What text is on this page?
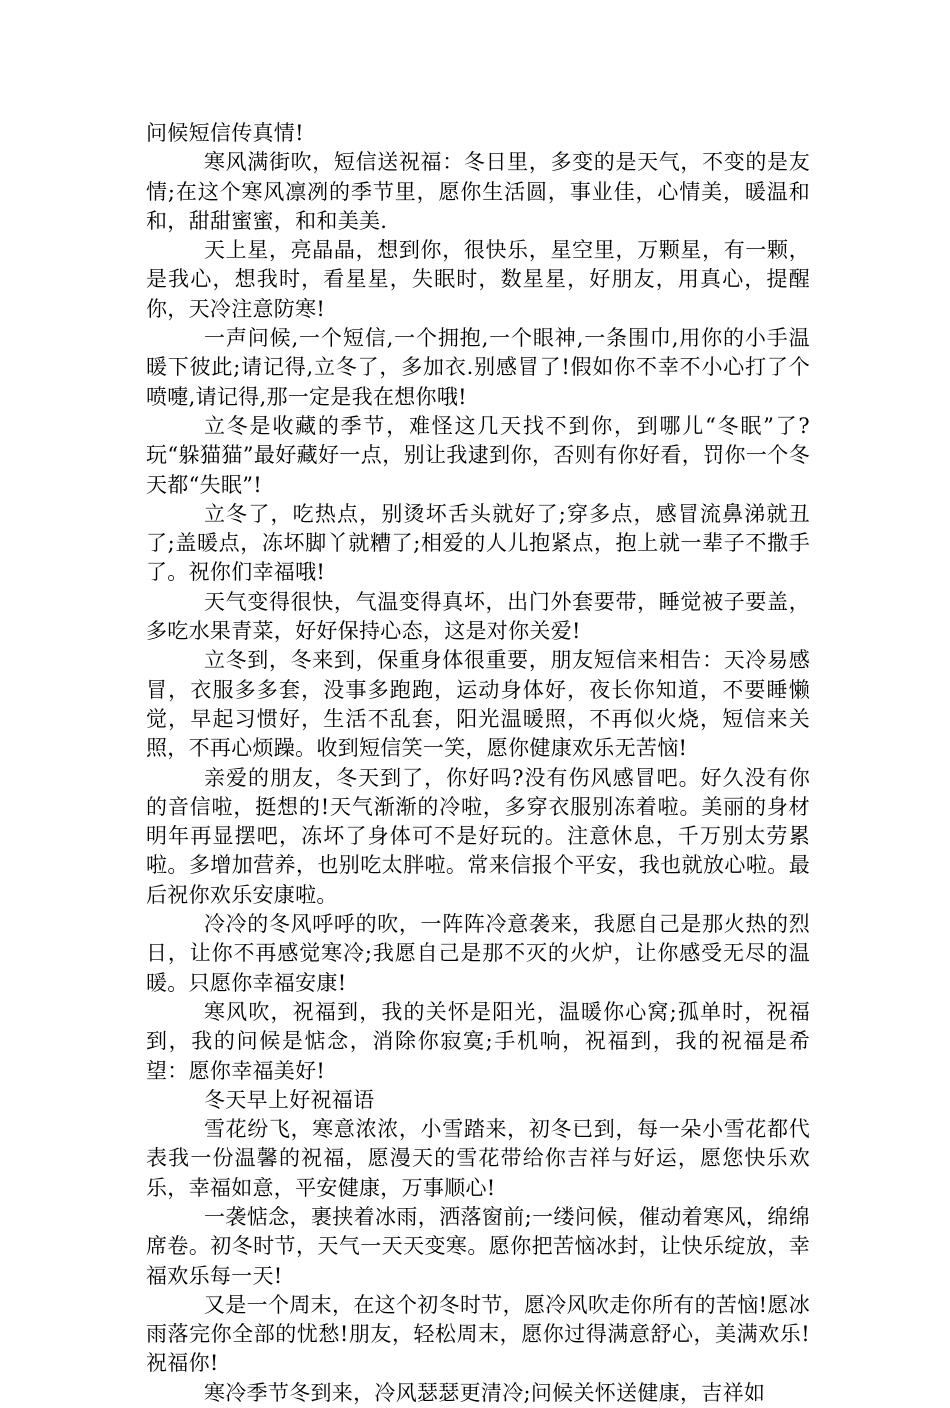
问候短信传真情!

寒风满街吹，短信送祝福：冬日里，多变的是天气，不变的是友情;在这个寒风凛冽的季节里，愿你生活圆，事业佳，心情美，暖温和和，甜甜蜜蜜，和和美美.

天上星，亮晶晶，想到你，很快乐，星空里，万颗星，有一颗，是我心，想我时，看星星，失眠时，数星星，好朋友，用真心，提醒你，天冷注意防寒!

一声问候,一个短信,一个拥抱,一个眼神,一条围巾,用你的小手温暖下彼此;请记得,立冬了，多加衣.别感冒了!假如你不幸不小心打了个喷嚏,请记得,那一定是我在想你哦!

立冬是收藏的季节，难怪这几天找不到你，到哪儿“冬眠”了?玩“躲猫猫”最好藏好一点，别让我逮到你，否则有你好看，罚你一个冬天都“失眠”!

立冬了，吃热点，别烫坏舌头就好了;穿多点，感冒流鼻涕就丑了;盖暖点，冻坏脚丫就糟了;相爱的人儿抱紧点，抱上就一辈子不撒手了。祝你们幸福哦!

天气变得很快，气温变得真坏，出门外套要带，睡觉被子要盖，多吃水果青菜，好好保持心态，这是对你关爱!

立冬到，冬来到，保重身体很重要，朋友短信来相告：天冷易感冒，衣服多多套，没事多跑跑，运动身体好，夜长你知道，不要睡懒觉，早起习惯好，生活不乱套，阳光温暖照，不再似火烧，短信来关照，不再心烦躁。收到短信笑一笑，愿你健康欢乐无苦恼!

亲爱的朋友，冬天到了，你好吗?没有伤风感冒吧。好久没有你的音信啦，挺想的!天气渐渐的冷啦，多穿衣服别冻着啦。美丽的身材明年再显摆吧，冻坏了身体可不是好玩的。注意休息，千万别太劳累啦。多增加营养，也别吃太胖啦。常来信报个平安，我也就放心啦。最后祝你欢乐安康啦。

冷冷的冬风呼呼的吹，一阵阵冷意袭来，我愿自己是那火热的烈日，让你不再感觉寒冷;我愿自己是那不灭的火炉，让你感受无尽的温暖。只愿你幸福安康!

寒风吹，祝福到，我的关怀是阳光，温暖你心窝;孤单时，祝福到，我的问候是惦念，消除你寂寞;手机响，祝福到，我的祝福是希望：愿你幸福美好!

冬天早上好祝福语

雪花纷飞，寒意浓浓，小雪踏来，初冬已到，每一朵小雪花都代表我一份温馨的祝福，愿漫天的雪花带给你吉祥与好运，愿您快乐欢乐，幸福如意，平安健康，万事顺心!

一袭惦念，裹挟着冰雨，洒落窗前;一缕问候，催动着寒风，绵绵席卷。初冬时节，天气一天天变寒。愿你把苦恼冰封，让快乐绽放，幸福欢乐每一天!

又是一个周末，在这个初冬时节，愿冷风吹走你所有的苦恼!愿冰雨落完你全部的忧愁!朋友，轻松周末，愿你过得满意舒心，美满欢乐!祝福你!

寒冷季节冬到来，冷风瑟瑟更清冷;问候关怀送健康，吉祥如
